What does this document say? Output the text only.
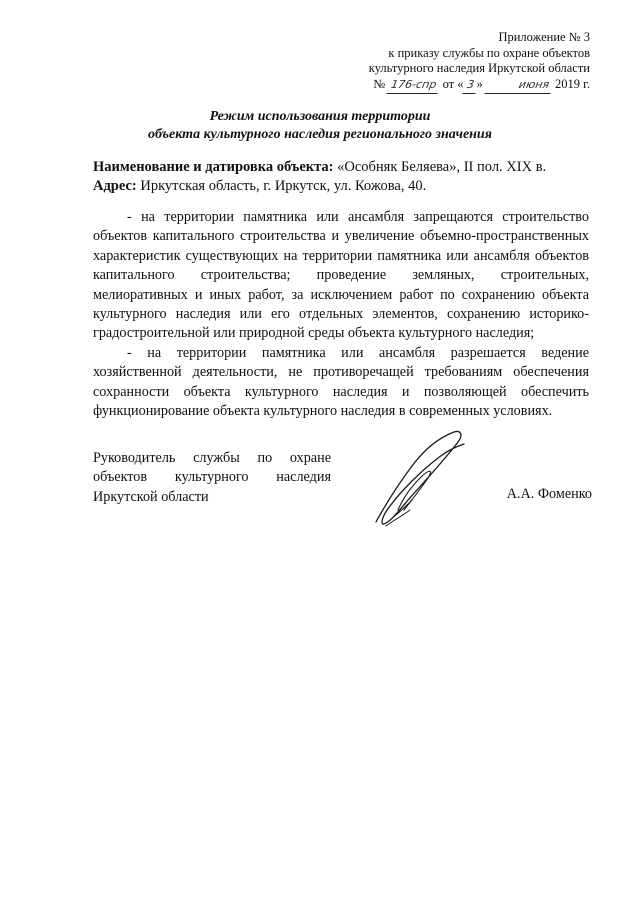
Приложение № 3
к приказу службы по охране объектов
культурного наследия Иркутской области
№ 176-спр от « 3 »	июня 2019 г.
Режим использования территории
объекта культурного наследия регионального значения
Наименование и датировка объекта: «Особняк Беляева», II пол. XIX в.
Адрес: Иркутская область, г. Иркутск, ул. Кожова, 40.

- на территории памятника или ансамбля запрещаются строительство объектов капитального строительства и увеличение объемно-пространственных характеристик существующих на территории памятника или ансамбля объектов капитального строительства; проведение земляных, строительных, мелиоративных и иных работ, за исключением работ по сохранению объекта культурного наследия или его отдельных элементов, сохранению историко-градостроительной или природной среды объекта культурного наследия;

- на территории памятника или ансамбля разрешается ведение хозяйственной деятельности, не противоречащей требованиям обеспечения сохранности объекта культурного наследия и позволяющей обеспечить функционирование объекта культурного наследия в современных условиях.

Руководитель службы по охране объектов культурного наследия Иркутской области	А.А. Фоменко
